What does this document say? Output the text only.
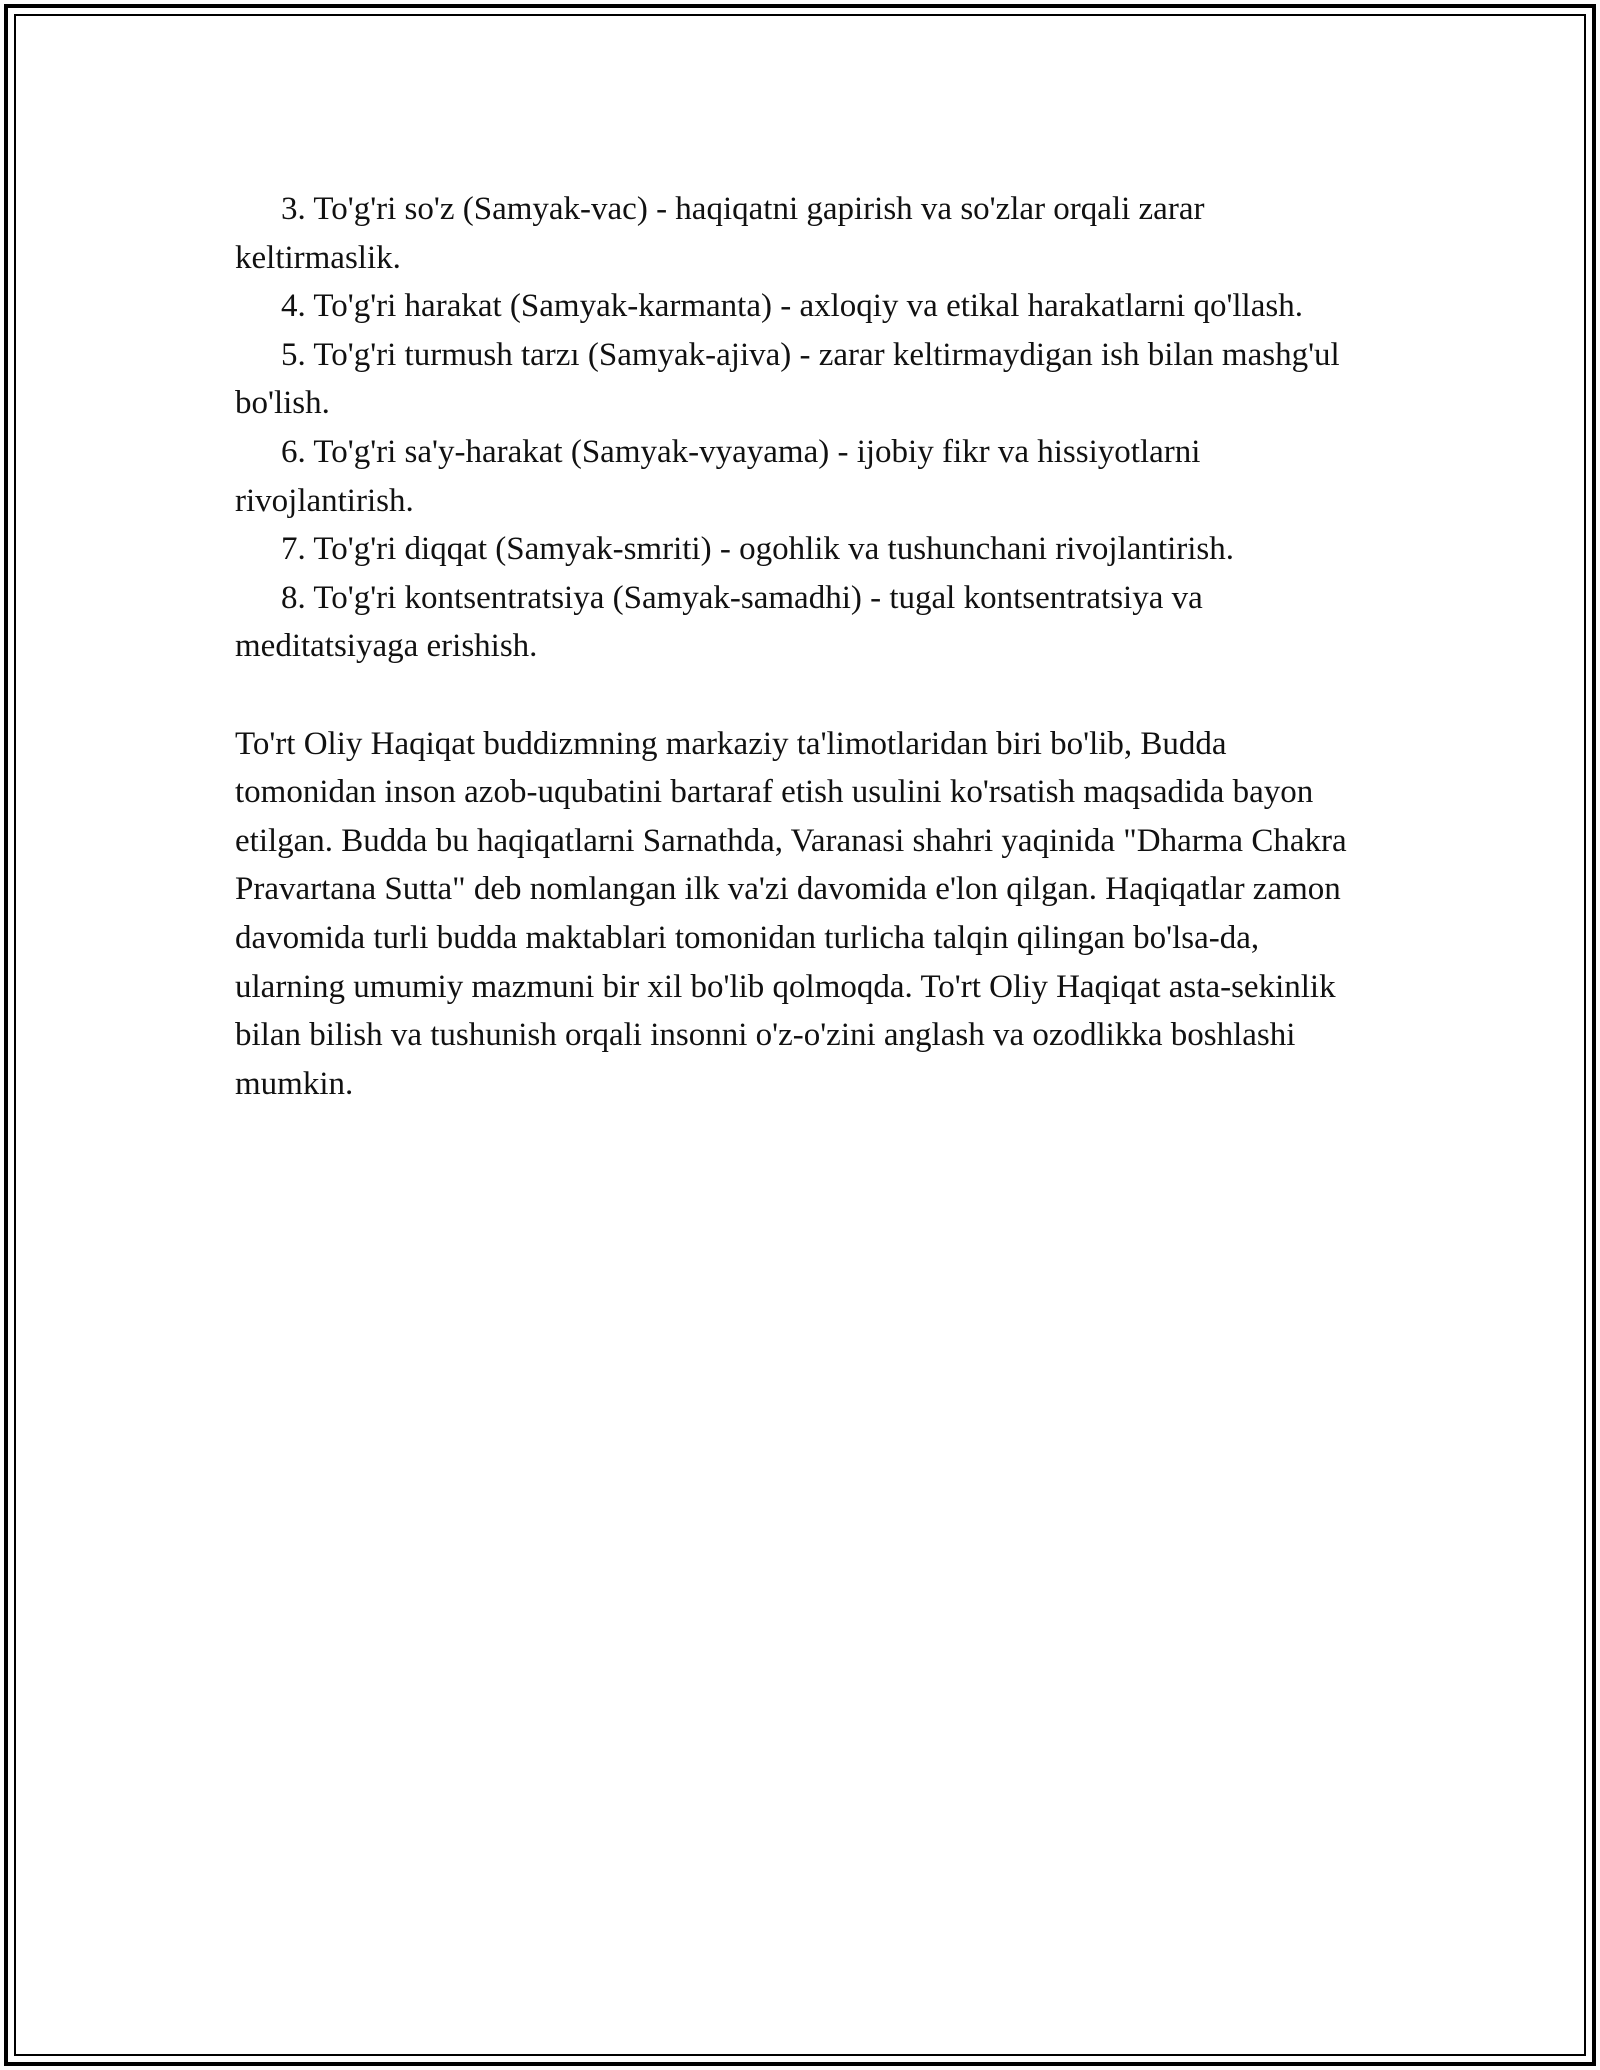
3. To'g'ri so'z (Samyak-vac) - haqiqatni gapirish va so'zlar orqali zarar keltirmaslik.

4. To'g'ri harakat (Samyak-karmanta) - axloqiy va etikal harakatlarni qo'llash.

5. To'g'ri turmush tarzı (Samyak-ajiva) - zarar keltirmaydigan ish bilan mashg'ul bo'lish.

6. To'g'ri sa'y-harakat (Samyak-vyayama) - ijobiy fikr va hissiyotlarni rivojlantirish.

7. To'g'ri diqqat (Samyak-smriti) - ogohlik va tushunchani rivojlantirish.

8. To'g'ri kontsentratsiya (Samyak-samadhi) - tugal kontsentratsiya va meditatsiyaga erishish.

To'rt Oliy Haqiqat buddizmning markaziy ta'limotlaridan biri bo'lib, Budda tomonidan inson azob-uqubatini bartaraf etish usulini ko'rsatish maqsadida bayon etilgan. Budda bu haqiqatlarni Sarnathda, Varanasi shahri yaqinida "Dharma Chakra Pravartana Sutta" deb nomlangan ilk va'zi davomida e'lon qilgan. Haqiqatlar zamon davomida turli budda maktablari tomonidan turlicha talqin qilingan bo'lsa-da, ularning umumiy mazmuni bir xil bo'lib qolmoqda. To'rt Oliy Haqiqat asta-sekinlik bilan bilish va tushunish orqali insonni o'z-o'zini anglash va ozodlikka boshlashi mumkin.
